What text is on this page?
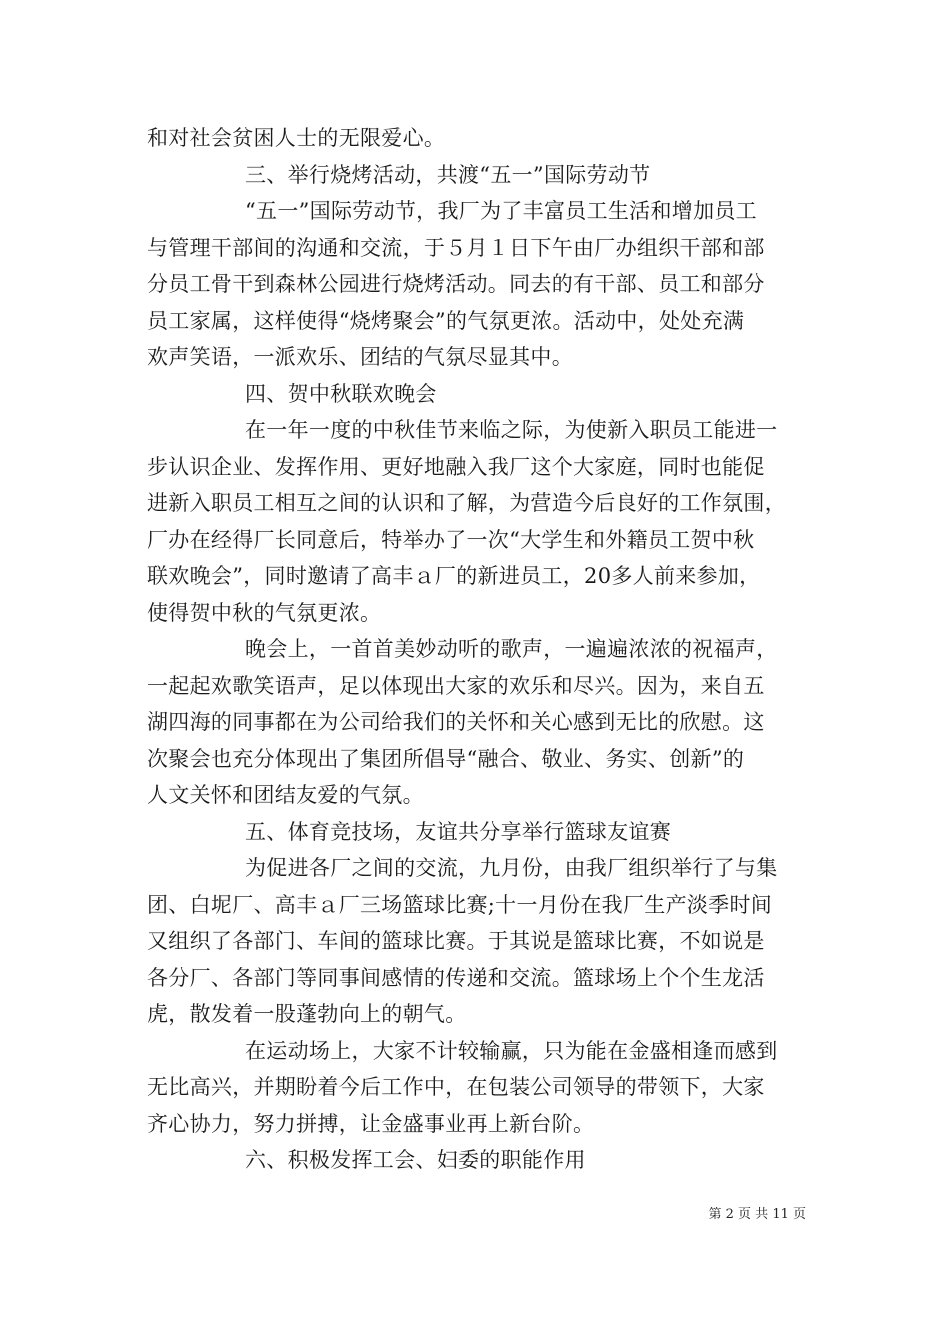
和对社会贫困人士的无限爱心。
三、举行烧烤活动，共渡“五一”国际劳动节
“五一”国际劳动节，我厂为了丰富员工生活和增加员工
与管理干部间的沟通和交流，于５月１日下午由厂办组织干部和部
分员工骨干到森林公园进行烧烤活动。同去的有干部、员工和部分
员工家属，这样使得“烧烤聚会”的气氛更浓。活动中，处处充满
欢声笑语，一派欢乐、团结的气氛尽显其中。
四、贺中秋联欢晚会
在一年一度的中秋佳节来临之际，为使新入职员工能进一
步认识企业、发挥作用、更好地融入我厂这个大家庭，同时也能促
进新入职员工相互之间的认识和了解，为营造今后良好的工作氛围，
厂办在经得厂长同意后，特举办了一次“大学生和外籍员工贺中秋
联欢晚会”，同时邀请了高丰ａ厂的新进员工，20多人前来参加，
使得贺中秋的气氛更浓。
晚会上，一首首美妙动听的歌声，一遍遍浓浓的祝福声，
一起起欢歌笑语声，足以体现出大家的欢乐和尽兴。因为，来自五
湖四海的同事都在为公司给我们的关怀和关心感到无比的欣慰。这
次聚会也充分体现出了集团所倡导“融合、敬业、务实、创新”的
人文关怀和团结友爱的气氛。
五、体育竞技场，友谊共分享举行篮球友谊赛
为促进各厂之间的交流，九月份，由我厂组织举行了与集
团、白坭厂、高丰ａ厂三场篮球比赛;十一月份在我厂生产淡季时间
又组织了各部门、车间的篮球比赛。于其说是篮球比赛，不如说是
各分厂、各部门等同事间感情的传递和交流。篮球场上个个生龙活
虎，散发着一股蓬勃向上的朝气。
在运动场上，大家不计较输赢，只为能在金盛相逢而感到
无比高兴，并期盼着今后工作中，在包装公司领导的带领下，大家
齐心协力，努力拼搏，让金盛事业再上新台阶。
六、积极发挥工会、妇委的职能作用
第 2 页 共 11 页
